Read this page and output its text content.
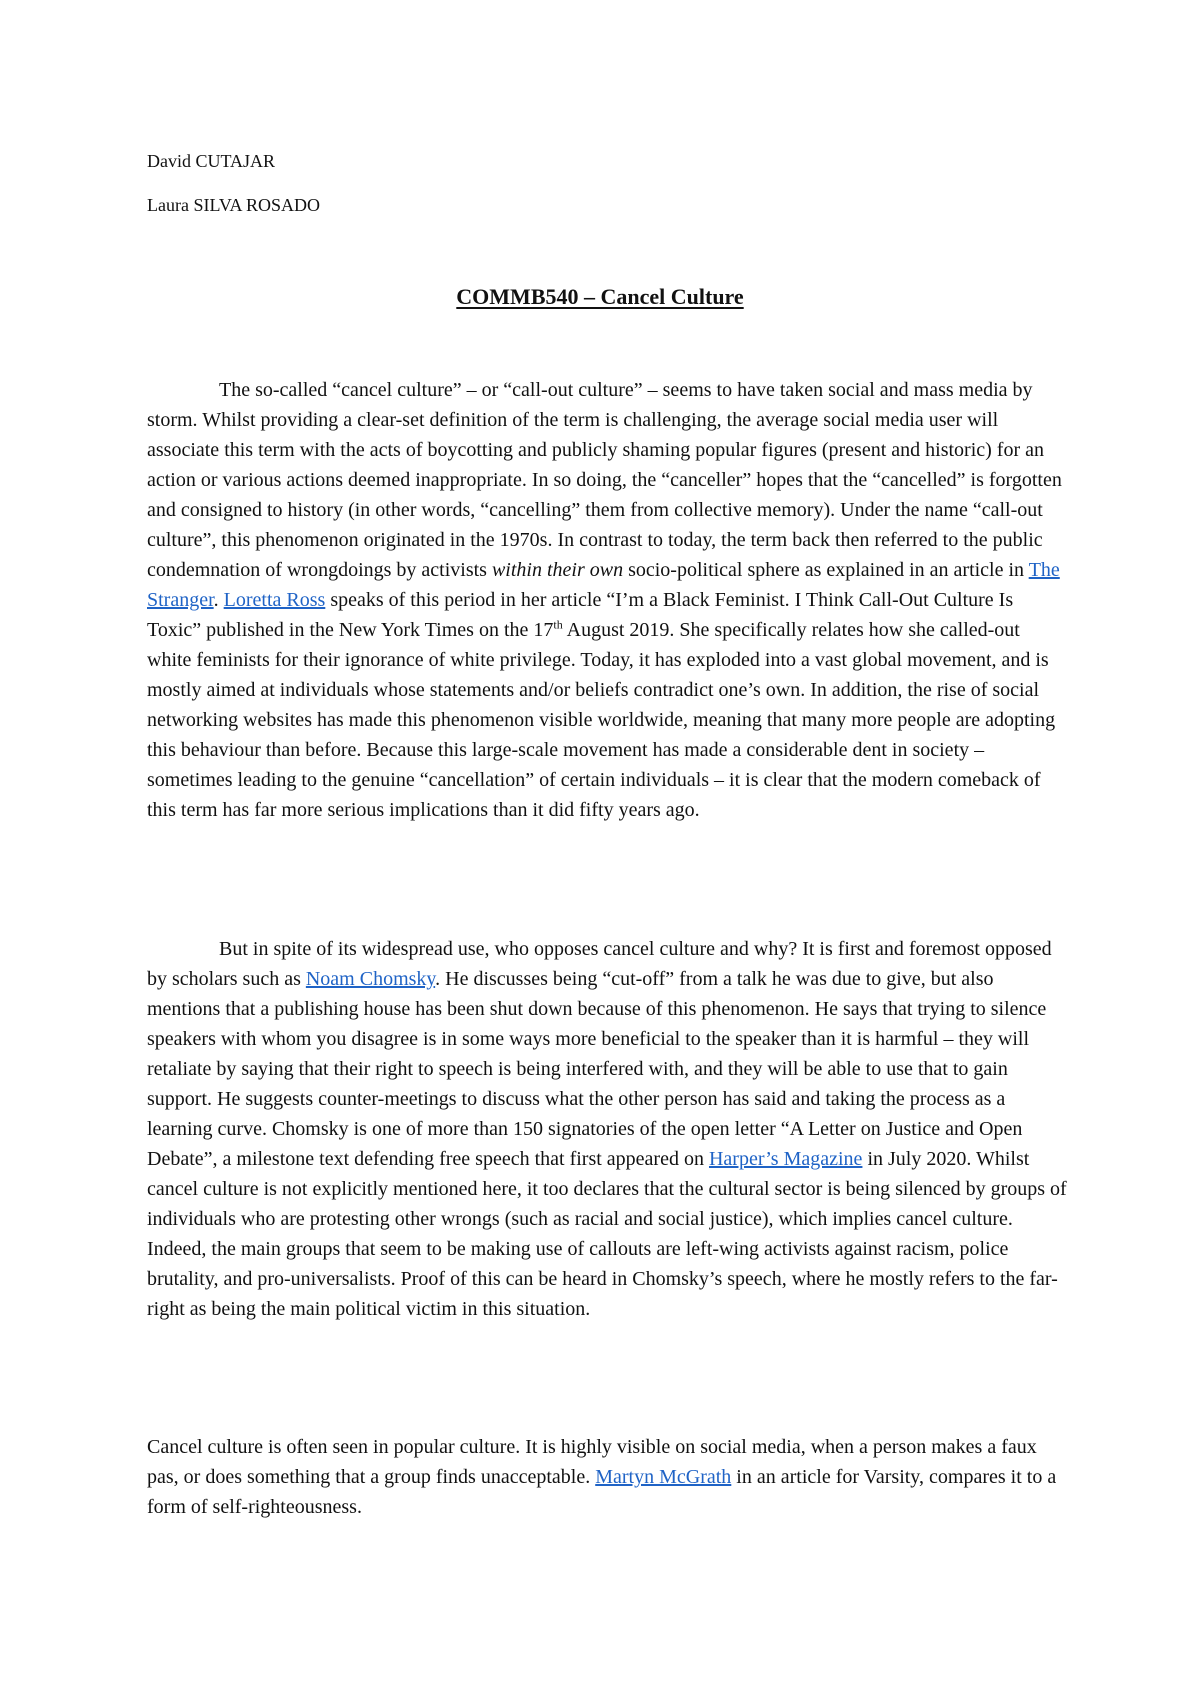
David CUTAJAR
Laura SILVA ROSADO
COMMB540 – Cancel Culture

The so-called “cancel culture” – or “call-out culture” – seems to have taken social and mass media by storm. Whilst providing a clear-set definition of the term is challenging, the average social media user will associate this term with the acts of boycotting and publicly shaming popular figures (present and historic) for an action or various actions deemed inappropriate. In so doing, the “canceller” hopes that the “cancelled” is forgotten and consigned to history (in other words, “cancelling” them from collective memory). Under the name “call-out culture”, this phenomenon originated in the 1970s. In contrast to today, the term back then referred to the public condemnation of wrongdoings by activists within their own socio-political sphere as explained in an article in The Stranger. Loretta Ross speaks of this period in her article “I’m a Black Feminist. I Think Call-Out Culture Is Toxic” published in the New York Times on the 17th August 2019. She specifically relates how she called-out white feminists for their ignorance of white privilege. Today, it has exploded into a vast global movement, and is mostly aimed at individuals whose statements and/or beliefs contradict one’s own. In addition, the rise of social networking websites has made this phenomenon visible worldwide, meaning that many more people are adopting this behaviour than before. Because this large-scale movement has made a considerable dent in society – sometimes leading to the genuine “cancellation” of certain individuals – it is clear that the modern comeback of this term has far more serious implications than it did fifty years ago.

But in spite of its widespread use, who opposes cancel culture and why? It is first and foremost opposed by scholars such as Noam Chomsky. He discusses being “cut-off” from a talk he was due to give, but also mentions that a publishing house has been shut down because of this phenomenon. He says that trying to silence speakers with whom you disagree is in some ways more beneficial to the speaker than it is harmful – they will retaliate by saying that their right to speech is being interfered with, and they will be able to use that to gain support. He suggests counter-meetings to discuss what the other person has said and taking the process as a learning curve. Chomsky is one of more than 150 signatories of the open letter “A Letter on Justice and Open Debate”, a milestone text defending free speech that first appeared on Harper’s Magazine in July 2020. Whilst cancel culture is not explicitly mentioned here, it too declares that the cultural sector is being silenced by groups of individuals who are protesting other wrongs (such as racial and social justice), which implies cancel culture. Indeed, the main groups that seem to be making use of callouts are left-wing activists against racism, police brutality, and pro-universalists. Proof of this can be heard in Chomsky’s speech, where he mostly refers to the far-right as being the main political victim in this situation.

Cancel culture is often seen in popular culture. It is highly visible on social media, when a person makes a faux pas, or does something that a group finds unacceptable. Martyn McGrath in an article for Varsity, compares it to a form of self-righteousness.
